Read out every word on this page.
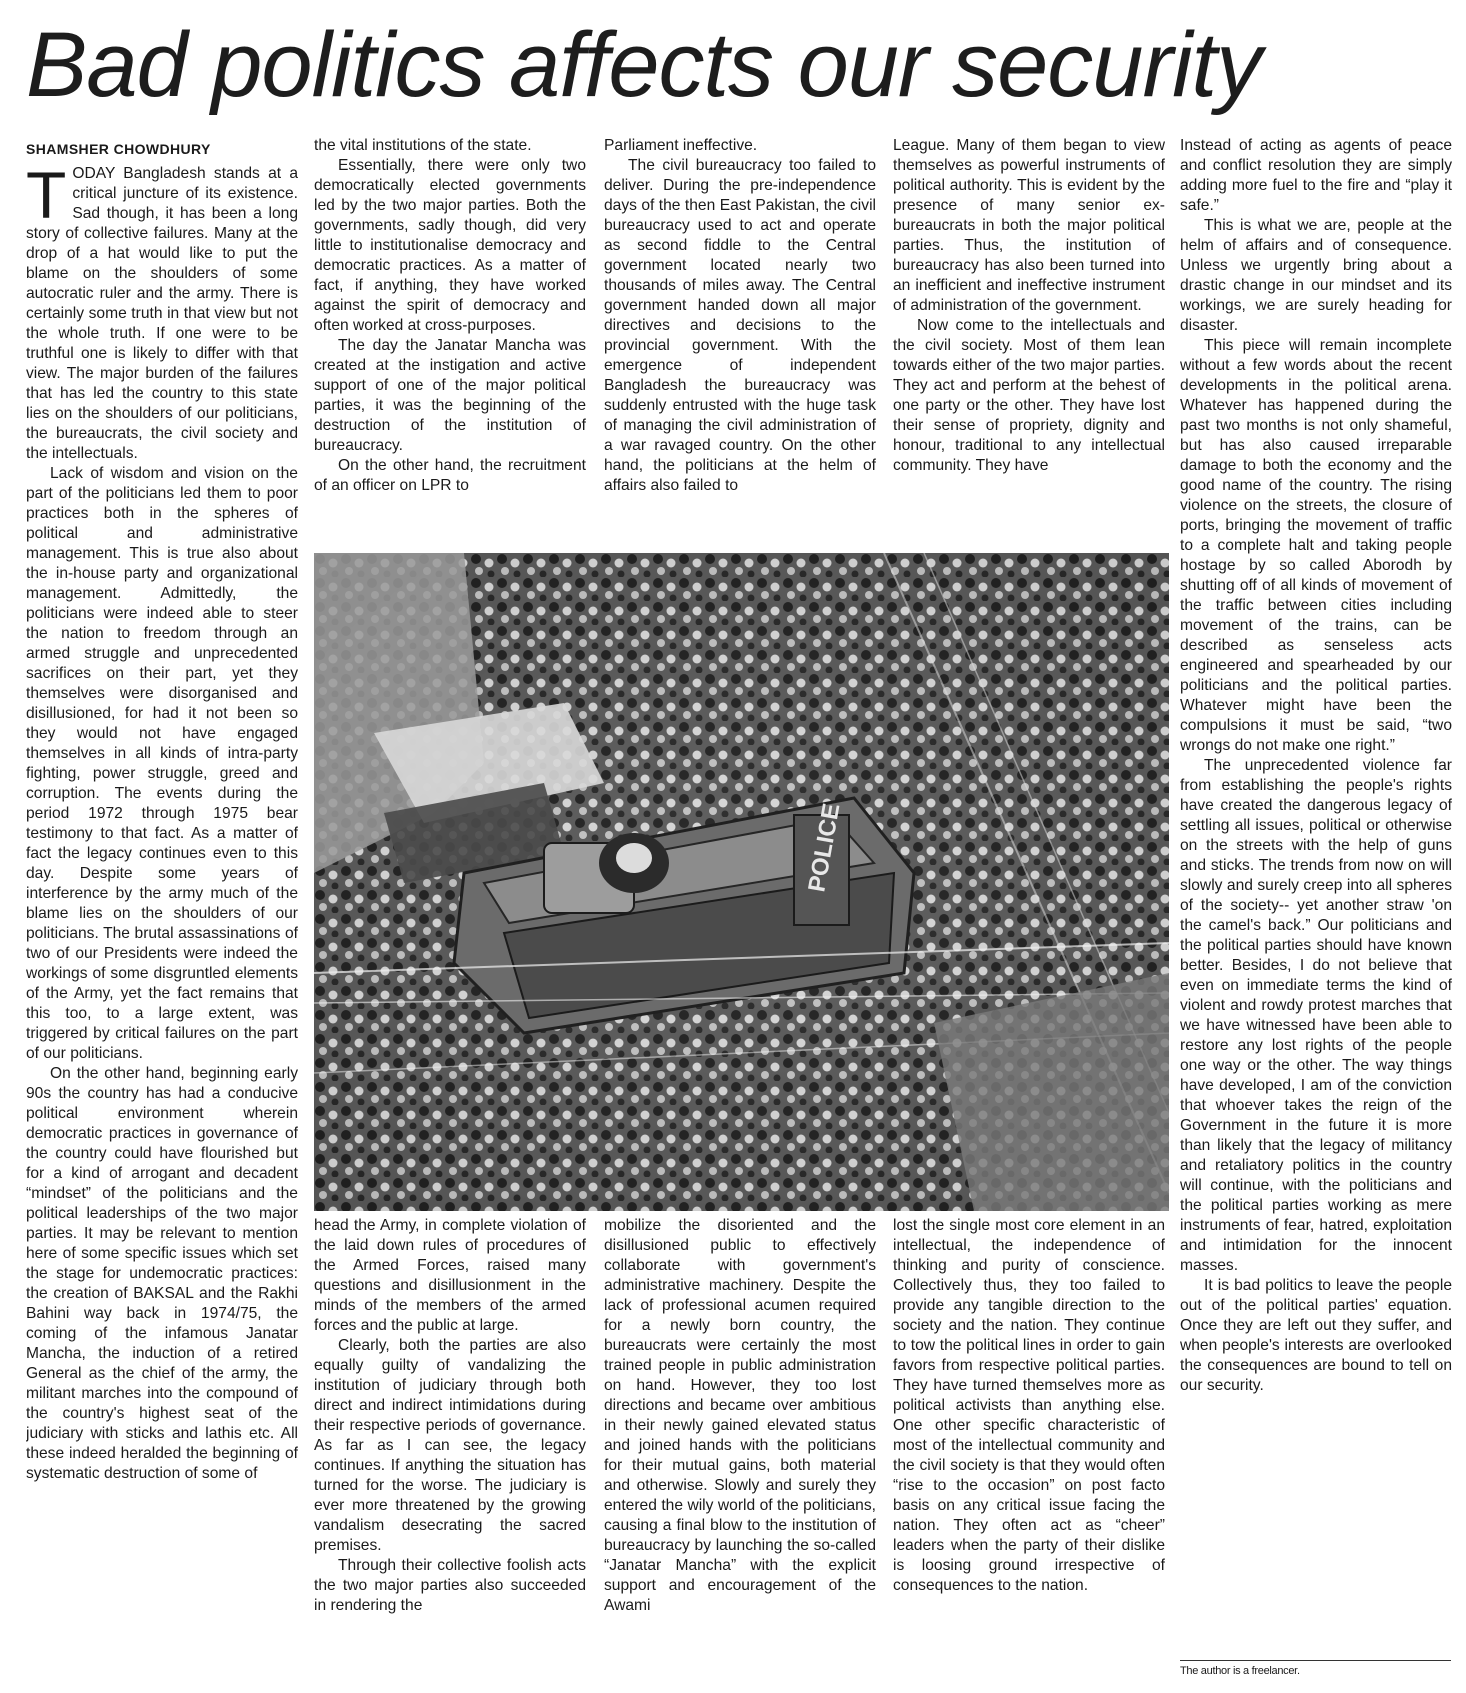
Bad politics affects our security
SHAMSHER CHOWDHURY

TODAY Bangladesh stands at a critical juncture of its existence. Sad though, it has been a long story of collective failures. Many at the drop of a hat would like to put the blame on the shoulders of some autocratic ruler and the army. There is certainly some truth in that view but not the whole truth. If one were to be truthful one is likely to differ with that view. The major burden of the failures that has led the country to this state lies on the shoulders of our politicians, the bureaucrats, the civil society and the intellectuals.

Lack of wisdom and vision on the part of the politicians led them to poor practices both in the spheres of political and administrative management. This is true also about the in-house party and organizational management. Admittedly, the politicians were indeed able to steer the nation to freedom through an armed struggle and unprecedented sacrifices on their part, yet they themselves were disorganised and disillusioned, for had it not been so they would not have engaged themselves in all kinds of intra-party fighting, power struggle, greed and corruption. The events during the period 1972 through 1975 bear testimony to that fact. As a matter of fact the legacy continues even to this day. Despite some years of interference by the army much of the blame lies on the shoulders of our politicians. The brutal assassinations of two of our Presidents were indeed the workings of some disgruntled elements of the Army, yet the fact remains that this too, to a large extent, was triggered by critical failures on the part of our politicians.

On the other hand, beginning early 90s the country has had a conducive political environment wherein democratic practices in governance of the country could have flourished but for a kind of arrogant and decadent “mindset” of the politicians and the political leaderships of the two major parties. It may be relevant to mention here of some specific issues which set the stage for undemocratic practices: the creation of BAKSAL and the Rakhi Bahini way back in 1974/75, the coming of the infamous Janatar Mancha, the induction of a retired General as the chief of the army, the militant marches into the compound of the country's highest seat of the judiciary with sticks and lathis etc. All these indeed heralded the beginning of systematic destruction of some of

the vital institutions of the state.

Essentially, there were only two democratically elected governments led by the two major parties. Both the governments, sadly though, did very little to institutionalise democracy and democratic practices. As a matter of fact, if anything, they have worked against the spirit of democracy and often worked at cross-purposes.

The day the Janatar Mancha was created at the instigation and active support of one of the major political parties, it was the beginning of the destruction of the institution of bureaucracy.

On the other hand, the recruitment of an officer on LPR to

Parliament ineffective.

The civil bureaucracy too failed to deliver. During the pre-independence days of the then East Pakistan, the civil bureaucracy used to act and operate as second fiddle to the Central government located nearly two thousands of miles away. The Central government handed down all major directives and decisions to the provincial government. With the emergence of independent Bangladesh the bureaucracy was suddenly entrusted with the huge task of managing the civil administration of a war ravaged country. On the other hand, the politicians at the helm of affairs also failed to

League. Many of them began to view themselves as powerful instruments of political authority. This is evident by the presence of many senior ex-bureaucrats in both the major political parties. Thus, the institution of bureaucracy has also been turned into an inefficient and ineffective instrument of administration of the government.

Now come to the intellectuals and the civil society. Most of them lean towards either of the two major parties. They act and perform at the behest of one party or the other. They have lost their sense of propriety, dignity and honour, traditional to any intellectual community. They have

Instead of acting as agents of peace and conflict resolution they are simply adding more fuel to the fire and “play it safe.”

This is what we are, people at the helm of affairs and of consequence. Unless we urgently bring about a drastic change in our mindset and its workings, we are surely heading for disaster.

This piece will remain incomplete without a few words about the recent developments in the political arena. Whatever has happened during the past two months is not only shameful, but has also caused irreparable damage to both the economy and the good name of the country. The rising violence on the streets, the closure of ports, bringing the movement of traffic to a complete halt and taking people hostage by so called Aborodh by shutting off of all kinds of movement of the traffic between cities including movement of the trains, can be described as senseless acts engineered and spearheaded by our politicians and the political parties. Whatever might have been the compulsions it must be said, “two wrongs do not make one right.”

The unprecedented violence far from establishing the people's rights have created the dangerous legacy of settling all issues, political or otherwise on the streets with the help of guns and sticks. The trends from now on will slowly and surely creep into all spheres of the society-- yet another straw 'on the camel's back.” Our politicians and the political parties should have known better. Besides, I do not believe that even on immediate terms the kind of violent and rowdy protest marches that we have witnessed have been able to restore any lost rights of the people one way or the other. The way things have developed, I am of the conviction that whoever takes the reign of the Government in the future it is more than likely that the legacy of militancy and retaliatory politics in the country will continue, with the politicians and the political parties working as mere instruments of fear, hatred, exploitation and intimidation for the innocent masses.

It is bad politics to leave the people out of the political parties' equation. Once they are left out they suffer, and when people's interests are overlooked the consequences are bound to tell on our security.

POLICE

head the Army, in complete violation of the laid down rules of procedures of the Armed Forces, raised many questions and disillusionment in the minds of the members of the armed forces and the public at large.

Clearly, both the parties are also equally guilty of vandalizing the institution of judiciary through both direct and indirect intimidations during their respective periods of governance. As far as I can see, the legacy continues. If anything the situation has turned for the worse. The judiciary is ever more threatened by the growing vandalism desecrating the sacred premises.

Through their collective foolish acts the two major parties also succeeded in rendering the

mobilize the disoriented and the disillusioned public to effectively collaborate with government's administrative machinery. Despite the lack of professional acumen required for a newly born country, the bureaucrats were certainly the most trained people in public administration on hand. However, they too lost directions and became over ambitious in their newly gained elevated status and joined hands with the politicians for their mutual gains, both material and otherwise. Slowly and surely they entered the wily world of the politicians, causing a final blow to the institution of bureaucracy by launching the so-called “Janatar Mancha” with the explicit support and encouragement of the Awami

lost the single most core element in an intellectual, the independence of thinking and purity of conscience. Collectively thus, they too failed to provide any tangible direction to the society and the nation. They continue to tow the political lines in order to gain favors from respective political parties. They have turned themselves more as political activists than anything else. One other specific characteristic of most of the intellectual community and the civil society is that they would often “rise to the occasion” on post facto basis on any critical issue facing the nation. They often act as “cheer” leaders when the party of their dislike is loosing ground irrespective of consequences to the nation.

The author is a freelancer.
